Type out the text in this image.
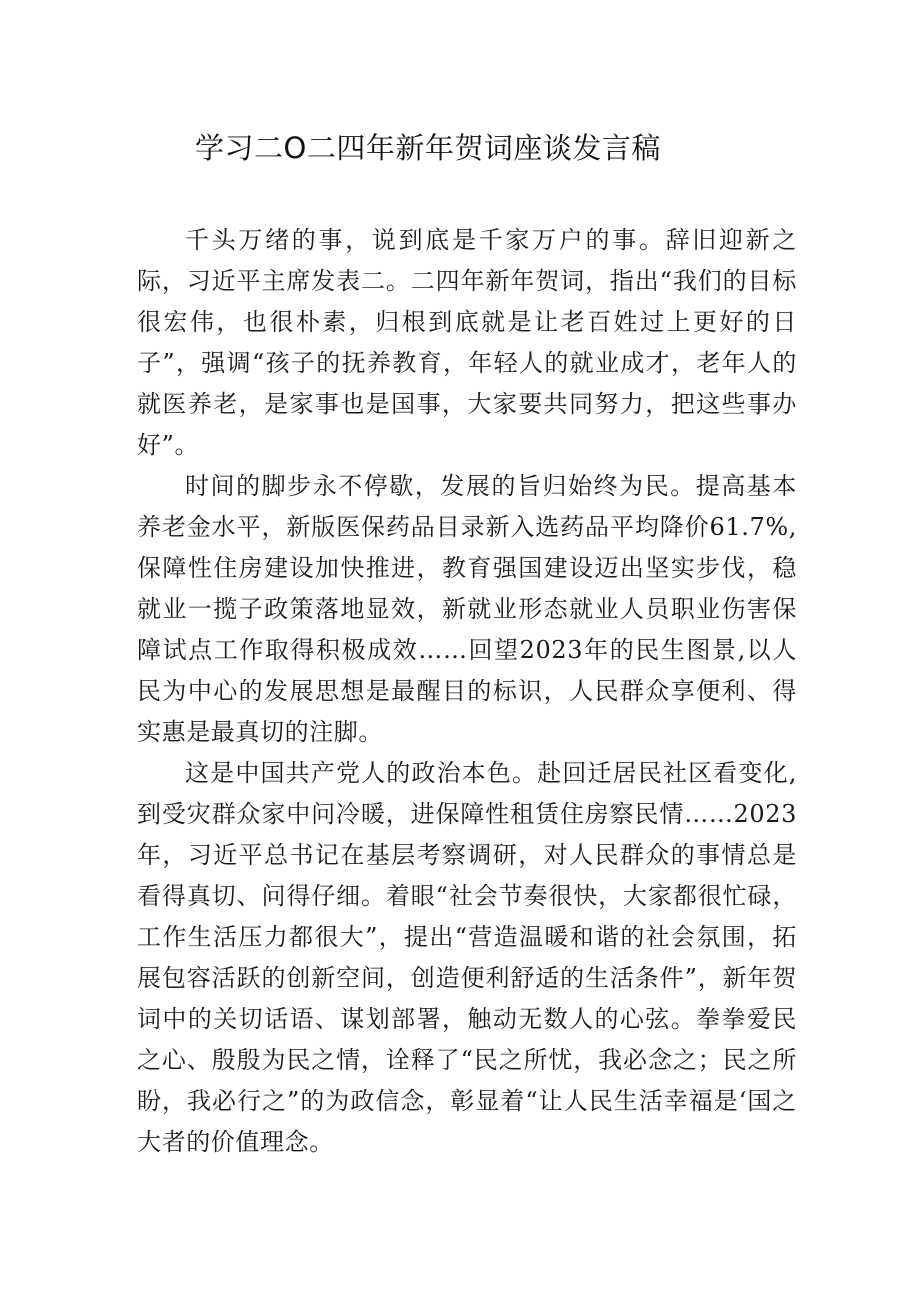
学习二O二四年新年贺词座谈发言稿

千头万绪的事，说到底是千家万户的事。辞旧迎新之际，习近平主席发表二。二四年新年贺词，指出“我们的目标很宏伟，也很朴素，归根到底就是让老百姓过上更好的日子”，强调“孩子的抚养教育，年轻人的就业成才，老年人的就医养老，是家事也是国事，大家要共同努力，把这些事办好”。

时间的脚步永不停歇，发展的旨归始终为民。提高基本养老金水平，新版医保药品目录新入选药品平均降价61.7%,保障性住房建设加快推进，教育强国建设迈出坚实步伐，稳就业一揽子政策落地显效，新就业形态就业人员职业伤害保障试点工作取得积极成效……回望2023年的民生图景,以人民为中心的发展思想是最醒目的标识，人民群众享便利、得实惠是最真切的注脚。

这是中国共产党人的政治本色。赴回迁居民社区看变化,到受灾群众家中问冷暖，进保障性租赁住房察民情……2023年，习近平总书记在基层考察调研，对人民群众的事情总是看得真切、问得仔细。着眼“社会节奏很快，大家都很忙碌，工作生活压力都很大”，提出“营造温暖和谐的社会氛围，拓展包容活跃的创新空间，创造便利舒适的生活条件”，新年贺词中的关切话语、谋划部署，触动无数人的心弦。拳拳爱民之心、殷殷为民之情，诠释了“民之所忧，我必念之；民之所盼，我必行之”的为政信念，彰显着“让人民生活幸福是‘国之大者的价值理念。
